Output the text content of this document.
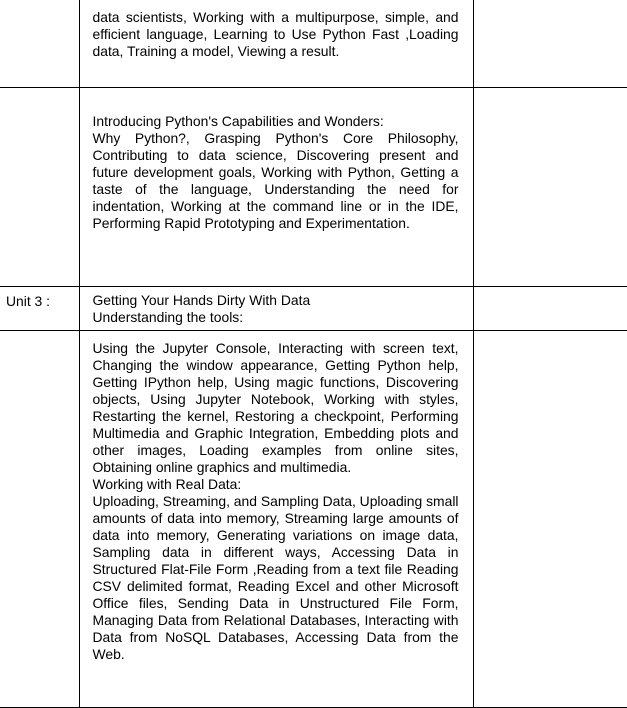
	data scientists, Working with a multipurpose, simple, and efficient language, Learning to Use Python Fast ,Loading data, Training a model, Viewing a result.	

	Introducing Python's Capabilities and Wonders:

Why Python?, Grasping Python's Core Philosophy, Contributing to data science, Discovering present and future development goals, Working with Python, Getting a taste of the language, Understanding the need for indentation, Working at the command line or in the IDE, Performing Rapid Prototyping and Experimentation.	

Unit 3 :	Getting Your Hands Dirty With Data

Understanding the tools:	

	Using the Jupyter Console, Interacting with screen text, Changing the window appearance, Getting Python help, Getting IPython help, Using magic functions, Discovering objects, Using Jupyter Notebook, Working with styles, Restarting the kernel, Restoring a checkpoint, Performing Multimedia and Graphic Integration, Embedding plots and other images, Loading examples from online sites, Obtaining online graphics and multimedia.

Working with Real Data:

Uploading, Streaming, and Sampling Data, Uploading small amounts of data into memory, Streaming large amounts of data into memory, Generating variations on image data, Sampling data in different ways, Accessing Data in Structured Flat-File Form ,Reading from a text file Reading CSV delimited format, Reading Excel and other Microsoft Office files, Sending Data in Unstructured File Form, Managing Data from Relational Databases, Interacting with Data from NoSQL Databases, Accessing Data from the Web.	
